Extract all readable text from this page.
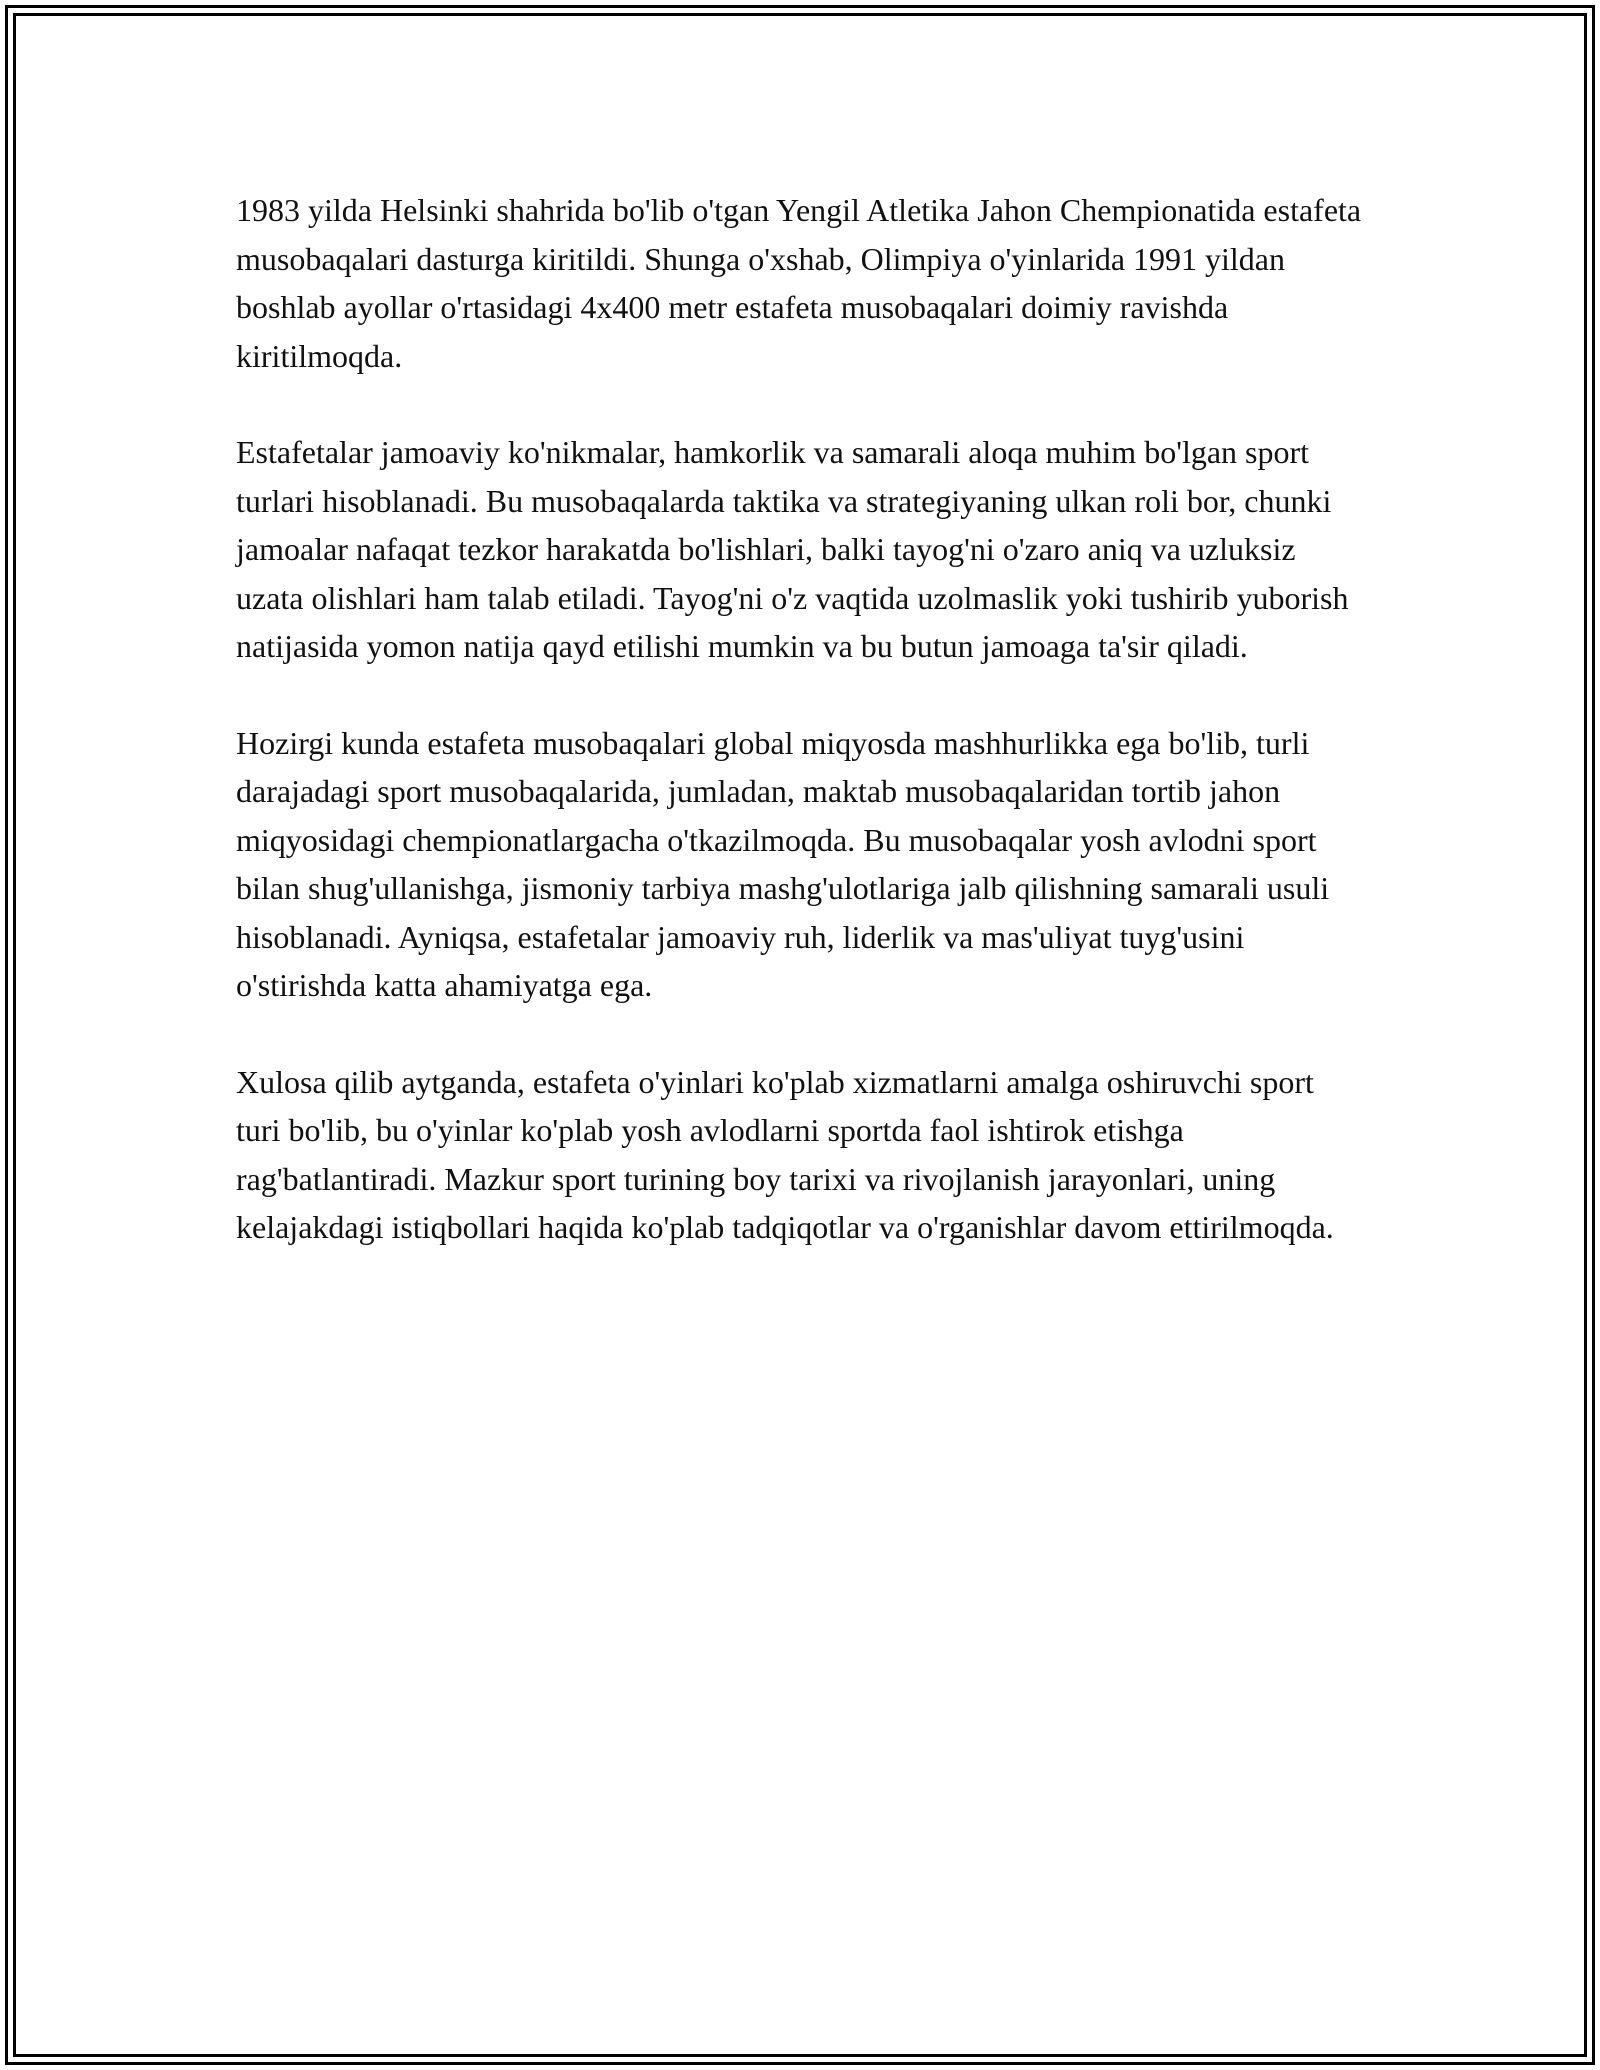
1983 yilda Helsinki shahrida bo'lib o'tgan Yengil Atletika Jahon Chempionatida estafeta musobaqalari dasturga kiritildi. Shunga o'xshab, Olimpiya o'yinlarida 1991 yildan boshlab ayollar o'rtasidagi 4x400 metr estafeta musobaqalari doimiy ravishda kiritilmoqda.

Estafetalar jamoaviy ko'nikmalar, hamkorlik va samarali aloqa muhim bo'lgan sport turlari hisoblanadi. Bu musobaqalarda taktika va strategiyaning ulkan roli bor, chunki jamoalar nafaqat tezkor harakatda bo'lishlari, balki tayog'ni o'zaro aniq va uzluksiz uzata olishlari ham talab etiladi. Tayog'ni o'z vaqtida uzolmaslik yoki tushirib yuborish natijasida yomon natija qayd etilishi mumkin va bu butun jamoaga ta'sir qiladi.

Hozirgi kunda estafeta musobaqalari global miqyosda mashhurlikka ega bo'lib, turli darajadagi sport musobaqalarida, jumladan, maktab musobaqalaridan tortib jahon miqyosidagi chempionatlargacha o'tkazilmoqda. Bu musobaqalar yosh avlodni sport bilan shug'ullanishga, jismoniy tarbiya mashg'ulotlariga jalb qilishning samarali usuli hisoblanadi. Ayniqsa, estafetalar jamoaviy ruh, liderlik va mas'uliyat tuyg'usini o'stirishda katta ahamiyatga ega.

Xulosa qilib aytganda, estafeta o'yinlari ko'plab xizmatlarni amalga oshiruvchi sport turi bo'lib, bu o'yinlar ko'plab yosh avlodlarni sportda faol ishtirok etishga rag'batlantiradi. Mazkur sport turining boy tarixi va rivojlanish jarayonlari, uning kelajakdagi istiqbollari haqida ko'plab tadqiqotlar va o'rganishlar davom ettirilmoqda.
